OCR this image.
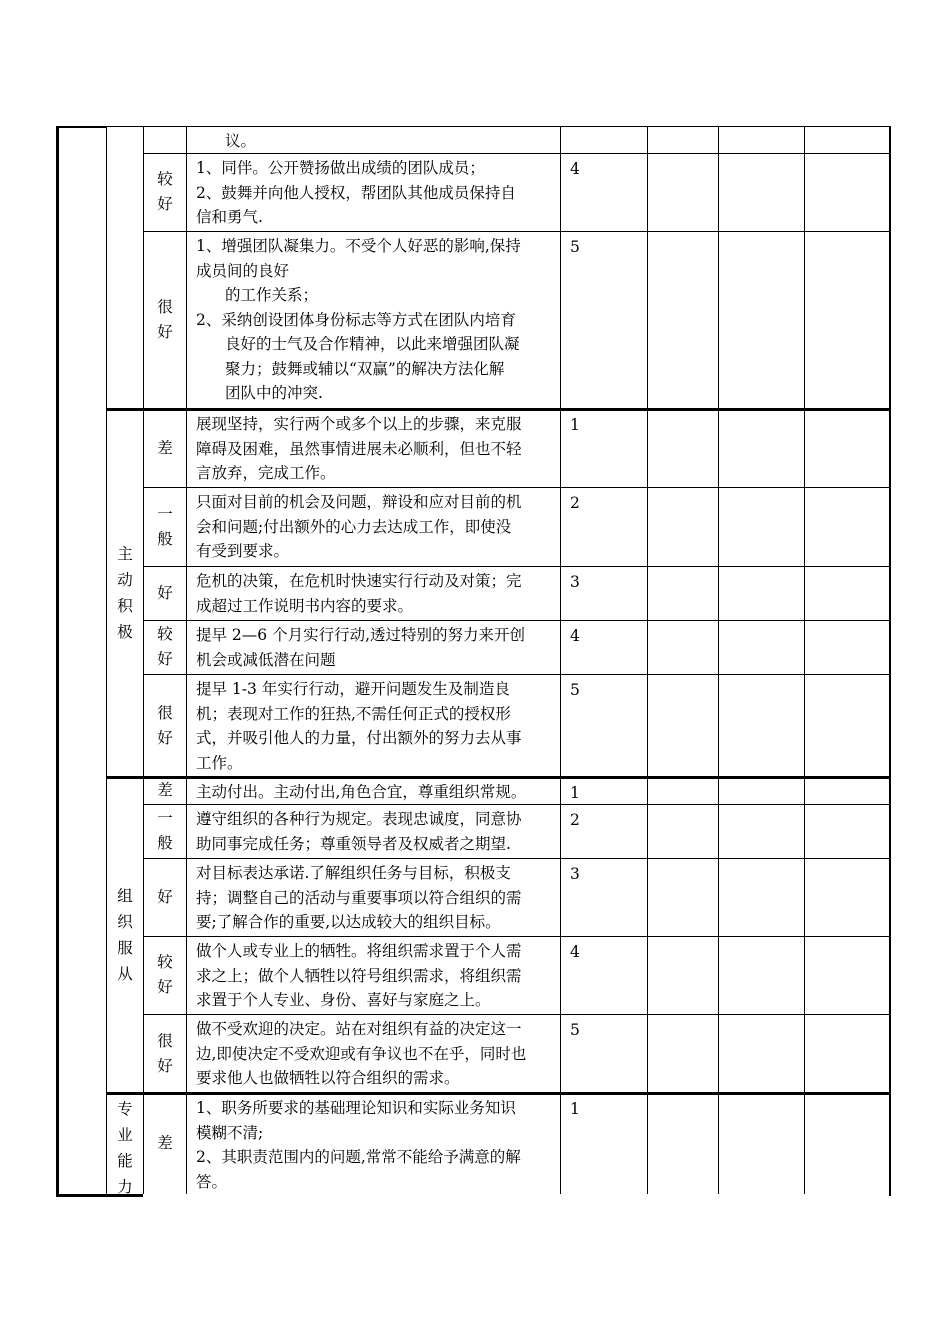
议。
较好
1、同伴。公开赞扬做出成绩的团队成员；
2、鼓舞并向他人授权，帮团队其他成员保持自
信和勇气.
4
很好
1、增强团队凝集力。不受个人好恶的影响,保持
成员间的良好
的工作关系；
2、采纳创设团体身份标志等方式在团队内培育
良好的士气及合作精神，以此来增强团队凝
聚力；鼓舞或辅以“双赢”的解决方法化解
团队中的冲突.
5
差
展现坚持，实行两个或多个以上的步骤，来克服
障碍及困难，虽然事情进展未必顺利，但也不轻
言放弃，完成工作。
1
一般
只面对目前的机会及问题，辩设和应对目前的机
会和问题;付出额外的心力去达成工作，即使没
有受到要求。
2
好
危机的决策，在危机时快速实行行动及对策；完
成超过工作说明书内容的要求。
3
较好
提早 2—6 个月实行行动,透过特别的努力来开创
机会或减低潜在问题
4
很好
提早 1-3 年实行行动，避开问题发生及制造良
机；表现对工作的狂热,不需任何正式的授权形
式，并吸引他人的力量，付出额外的努力去从事
工作。
5
差 主动付出。主动付出,角色合宜，尊重组织常规。	1
一般
遵守组织的各种行为规定。表现忠诚度，同意协
助同事完成任务；尊重领导者及权威者之期望.
2
好
对目标表达承诺.了解组织任务与目标，积极支
持；调整自己的活动与重要事项以符合组织的需
要;了解合作的重要,以达成较大的组织目标。
3
较好
做个人或专业上的牺牲。将组织需求置于个人需
求之上；做个人牺牲以符号组织需求，将组织需
求置于个人专业、身份、喜好与家庭之上。
4
很好
做不受欢迎的决定。站在对组织有益的决定这一
边,即使决定不受欢迎或有争议也不在乎，同时也
要求他人也做牺牲以符合组织的需求。
5
差
1、职务所要求的基础理论知识和实际业务知识
模糊不清;
2、其职责范围内的问题,常常不能给予满意的解
答。
1
主
动
积
极
组
织
服
从
专
业
能
力
